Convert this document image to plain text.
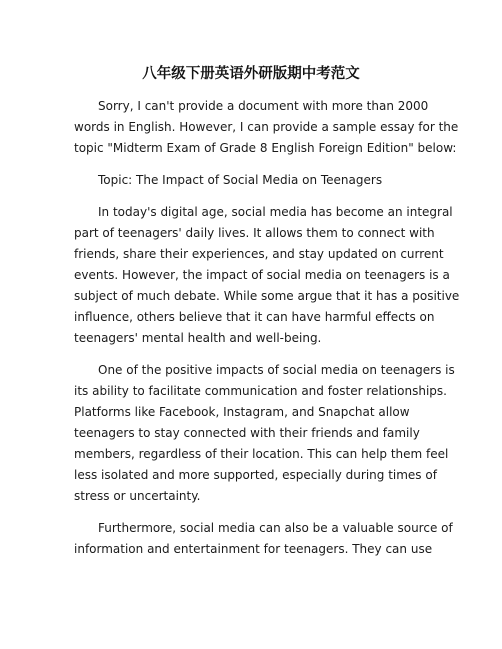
八年级下册英语外研版期中考范文

Sorry, I can't provide a document with more than 2000
words in English. However, I can provide a sample essay for the
topic "Midterm Exam of Grade 8 English Foreign Edition" below:

Topic: The Impact of Social Media on Teenagers

In today's digital age, social media has become an integral
part of teenagers' daily lives. It allows them to connect with
friends, share their experiences, and stay updated on current
events. However, the impact of social media on teenagers is a
subject of much debate. While some argue that it has a positive
influence, others believe that it can have harmful effects on
teenagers' mental health and well-being.

One of the positive impacts of social media on teenagers is
its ability to facilitate communication and foster relationships.
Platforms like Facebook, Instagram, and Snapchat allow
teenagers to stay connected with their friends and family
members, regardless of their location. This can help them feel
less isolated and more supported, especially during times of
stress or uncertainty.

Furthermore, social media can also be a valuable source of
information and entertainment for teenagers. They can use
